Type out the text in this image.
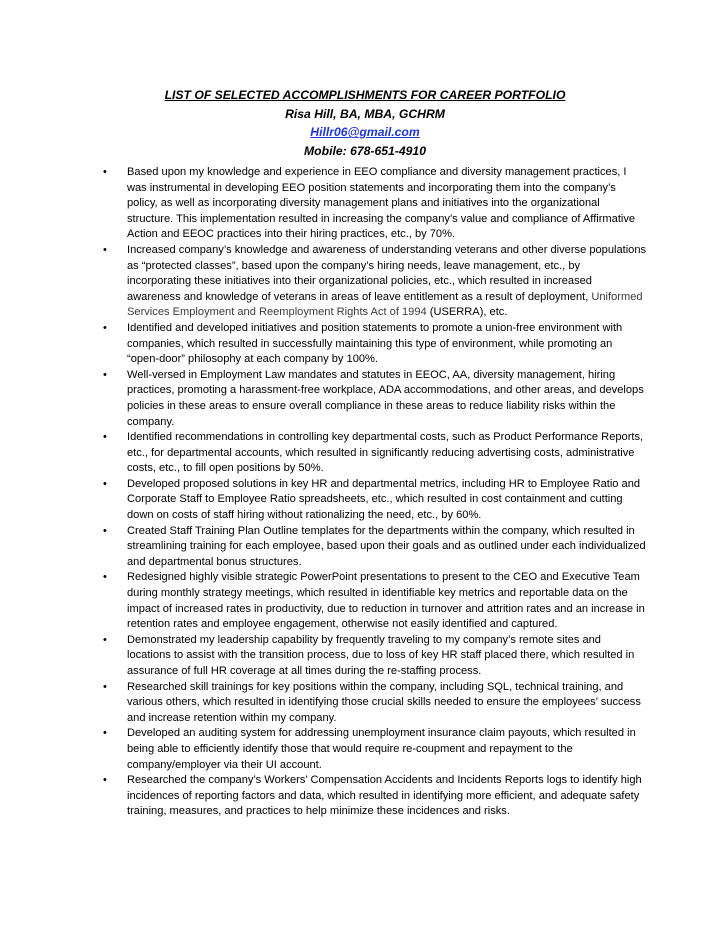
LIST OF SELECTED ACCOMPLISHMENTS FOR CAREER PORTFOLIO
Risa Hill, BA, MBA, GCHRM
Hillr06@gmail.com
Mobile: 678-651-4910
• Based upon my knowledge and experience in EEO compliance and diversity management practices, I was instrumental in developing EEO position statements and incorporating them into the company’s policy, as well as incorporating diversity management plans and initiatives into the organizational structure. This implementation resulted in increasing the company’s value and compliance of Affirmative Action and EEOC practices into their hiring practices, etc., by 70%.
• Increased company’s knowledge and awareness of understanding veterans and other diverse populations as “protected classes”, based upon the company’s hiring needs, leave management, etc., by incorporating these initiatives into their organizational policies, etc., which resulted in increased awareness and knowledge of veterans in areas of leave entitlement as a result of deployment, Uniformed Services Employment and Reemployment Rights Act of 1994 (USERRA), etc.
• Identified and developed initiatives and position statements to promote a union-free environment with companies, which resulted in successfully maintaining this type of environment, while promoting an “open-door” philosophy at each company by 100%.
• Well-versed in Employment Law mandates and statutes in EEOC, AA, diversity management, hiring practices, promoting a harassment-free workplace, ADA accommodations, and other areas, and develops policies in these areas to ensure overall compliance in these areas to reduce liability risks within the company.
• Identified recommendations in controlling key departmental costs, such as Product Performance Reports, etc., for departmental accounts, which resulted in significantly reducing advertising costs, administrative costs, etc., to fill open positions by 50%.
• Developed proposed solutions in key HR and departmental metrics, including HR to Employee Ratio and Corporate Staff to Employee Ratio spreadsheets, etc., which resulted in cost containment and cutting down on costs of staff hiring without rationalizing the need, etc., by 60%.
• Created Staff Training Plan Outline templates for the departments within the company, which resulted in streamlining training for each employee, based upon their goals and as outlined under each individualized and departmental bonus structures.
• Redesigned highly visible strategic PowerPoint presentations to present to the CEO and Executive Team during monthly strategy meetings, which resulted in identifiable key metrics and reportable data on the impact of increased rates in productivity, due to reduction in turnover and attrition rates and an increase in retention rates and employee engagement, otherwise not easily identified and captured.
• Demonstrated my leadership capability by frequently traveling to my company’s remote sites and locations to assist with the transition process, due to loss of key HR staff placed there, which resulted in assurance of full HR coverage at all times during the re-staffing process.
• Researched skill trainings for key positions within the company, including SQL, technical training, and various others, which resulted in identifying those crucial skills needed to ensure the employees’ success and increase retention within my company.
• Developed an auditing system for addressing unemployment insurance claim payouts, which resulted in being able to efficiently identify those that would require re-coupment and repayment to the company/employer via their UI account.
• Researched the company’s Workers’ Compensation Accidents and Incidents Reports logs to identify high incidences of reporting factors and data, which resulted in identifying more efficient, and adequate safety training, measures, and practices to help minimize these incidences and risks.
